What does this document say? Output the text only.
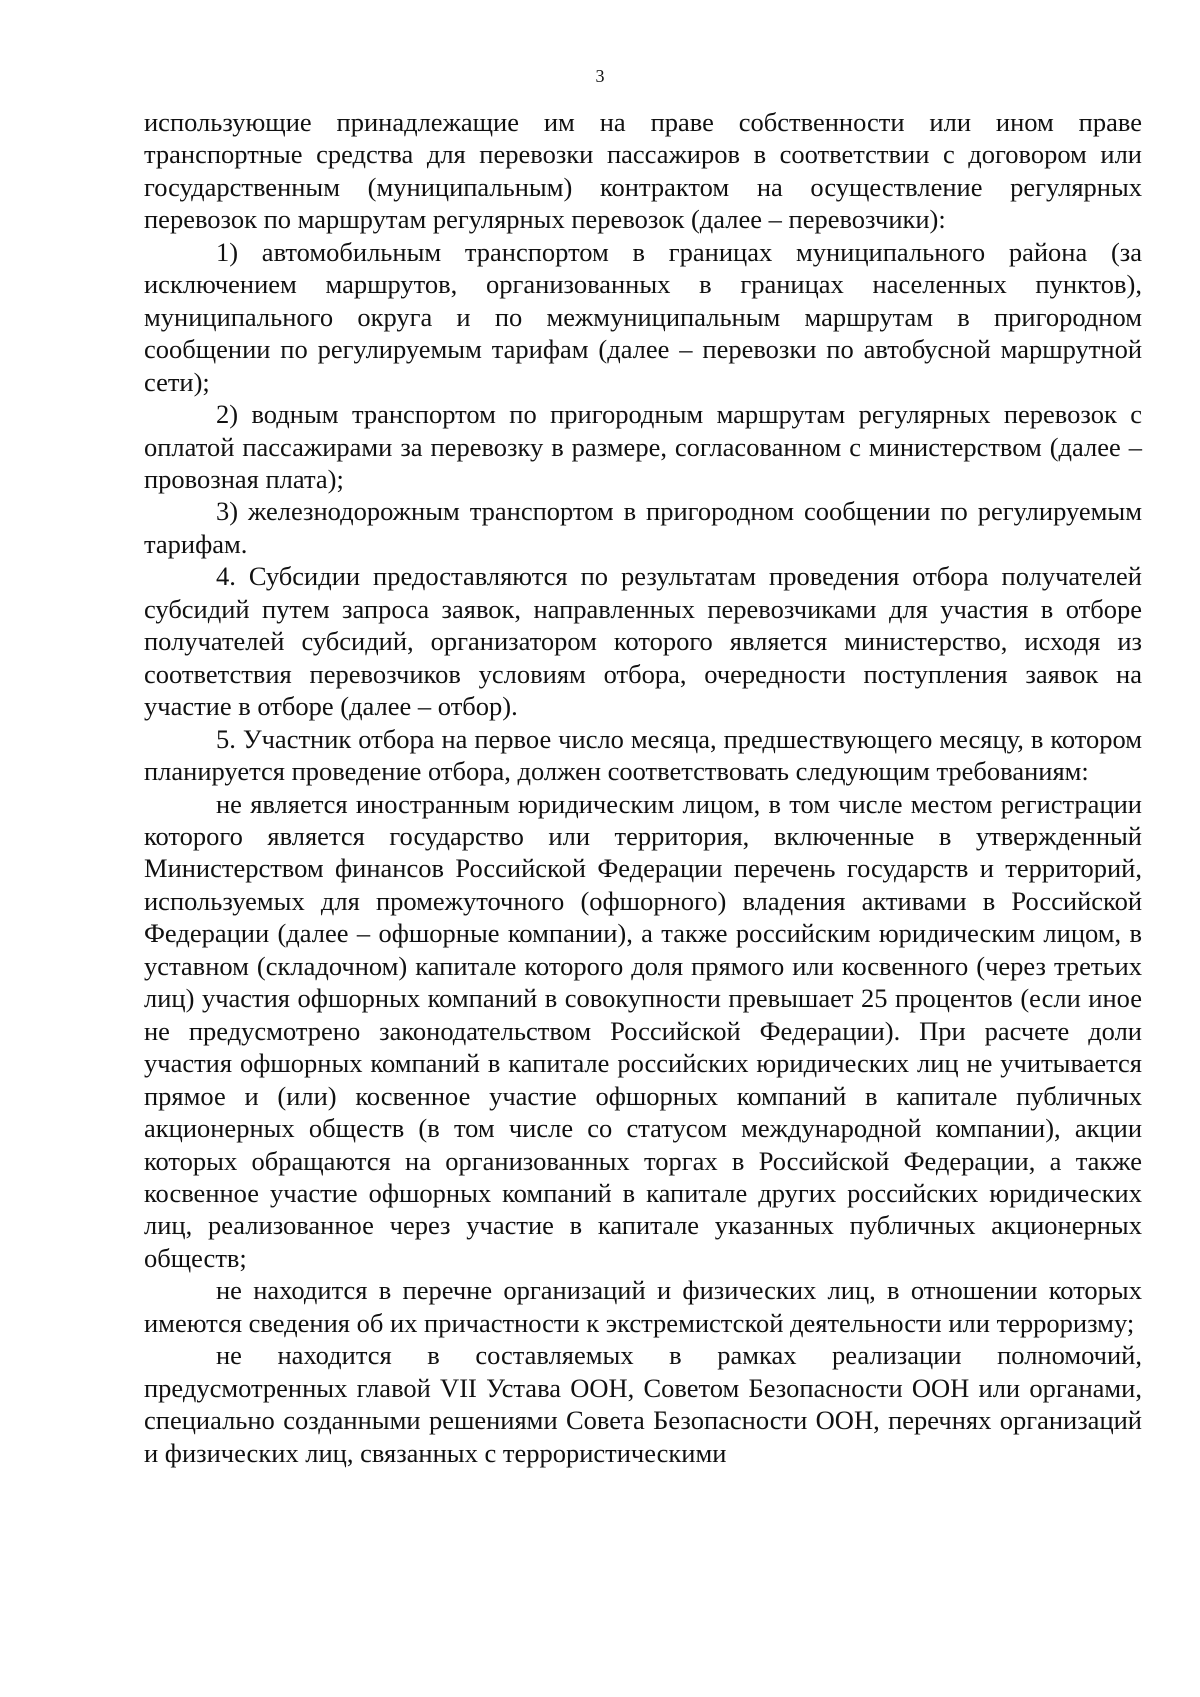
3

использующие принадлежащие им на праве собственности или ином праве транспортные средства для перевозки пассажиров в соответствии с договором или государственным (муниципальным) контрактом на осуществление регулярных перевозок по маршрутам регулярных перевозок (далее – перевозчики):

1) автомобильным транспортом в границах муниципального района (за исключением маршрутов, организованных в границах населенных пунктов), муниципального округа и по межмуниципальным маршрутам в пригородном сообщении по регулируемым тарифам (далее – перевозки по автобусной маршрутной сети);

2) водным транспортом по пригородным маршрутам регулярных перевозок с оплатой пассажирами за перевозку в размере, согласованном с министерством (далее – провозная плата);

3) железнодорожным транспортом в пригородном сообщении по регулируемым тарифам.

4. Субсидии предоставляются по результатам проведения отбора получателей субсидий путем запроса заявок, направленных перевозчиками для участия в отборе получателей субсидий, организатором которого является министерство, исходя из соответствия перевозчиков условиям отбора, очередности поступления заявок на участие в отборе (далее – отбор).

5. Участник отбора на первое число месяца, предшествующего месяцу, в котором планируется проведение отбора, должен соответствовать следующим требованиям:

не является иностранным юридическим лицом, в том числе местом регистрации которого является государство или территория, включенные в утвержденный Министерством финансов Российской Федерации перечень государств и территорий, используемых для промежуточного (офшорного) владения активами в Российской Федерации (далее – офшорные компании), а также российским юридическим лицом, в уставном (складочном) капитале которого доля прямого или косвенного (через третьих лиц) участия офшорных компаний в совокупности превышает 25 процентов (если иное не предусмотрено законодательством Российской Федерации). При расчете доли участия офшорных компаний в капитале российских юридических лиц не учитывается прямое и (или) косвенное участие офшорных компаний в капитале публичных акционерных обществ (в том числе со статусом международной компании), акции которых обращаются на организованных торгах в Российской Федерации, а также косвенное участие офшорных компаний в капитале других российских юридических лиц, реализованное через участие в капитале указанных публичных акционерных обществ;

не находится в перечне организаций и физических лиц, в отношении которых имеются сведения об их причастности к экстремистской деятельности или терроризму;

не находится в составляемых в рамках реализации полномочий, предусмотренных главой VII Устава ООН, Советом Безопасности ООН или органами, специально созданными решениями Совета Безопасности ООН, перечнях организаций и физических лиц, связанных с террористическими
